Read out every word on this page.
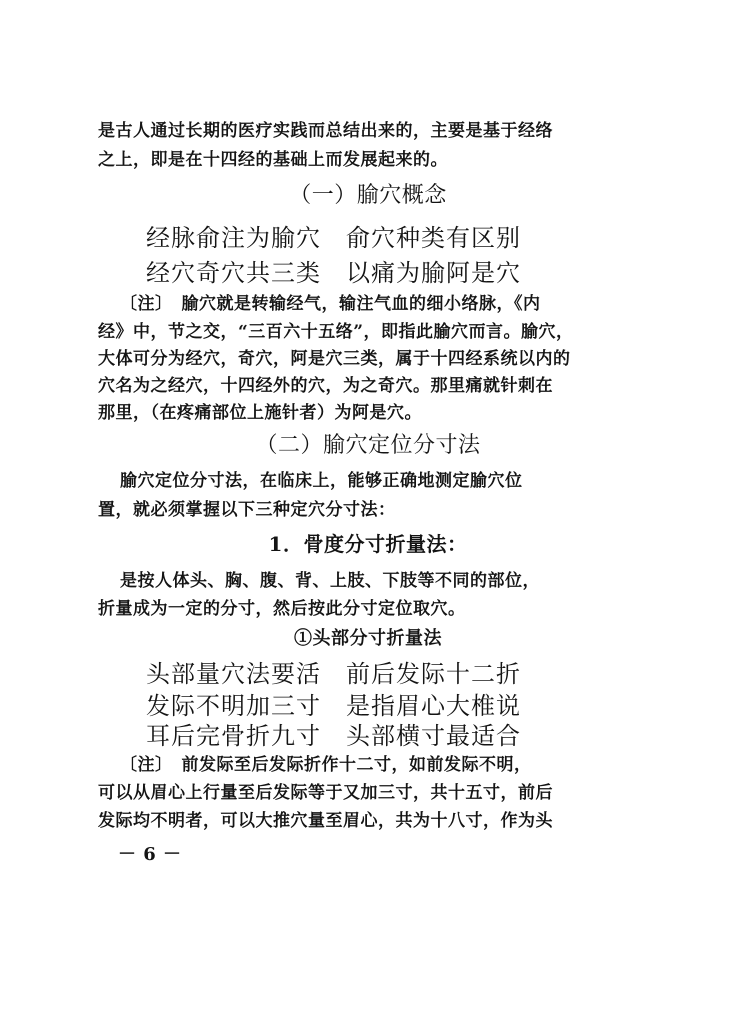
是古人通过长期的医疗实践而总结出来的，主要是基于经络
之上，即是在十四经的基础上而发展起来的。
（一）腧穴概念
经脉俞注为腧穴　俞穴种类有区别
经穴奇穴共三类　以痛为腧阿是穴
〔注〕　腧穴就是转输经气，输注气血的细小络脉，《内
经》中，节之交，“三百六十五络”，即指此腧穴而言。腧穴，
大体可分为经穴，奇穴，阿是穴三类，属于十四经系统以内的
穴名为之经穴，十四经外的穴，为之奇穴。那里痛就针刺在
那里，（在疼痛部位上施针者）为阿是穴。
（二）腧穴定位分寸法
腧穴定位分寸法，在临床上，能够正确地测定腧穴位
置，就必须掌握以下三种定穴分寸法：
1．骨度分寸折量法：
是按人体头、胸、腹、背、上肢、下肢等不同的部位，
折量成为一定的分寸，然后按此分寸定位取穴。
①头部分寸折量法
头部量穴法要活　前后发际十二折
发际不明加三寸　是指眉心大椎说
耳后完骨折九寸　头部横寸最适合
〔注〕　前发际至后发际折作十二寸，如前发际不明，
可以从眉心上行量至后发际等于又加三寸，共十五寸，前后
发际均不明者，可以大推穴量至眉心，共为十八寸，作为头
－ 6 －
